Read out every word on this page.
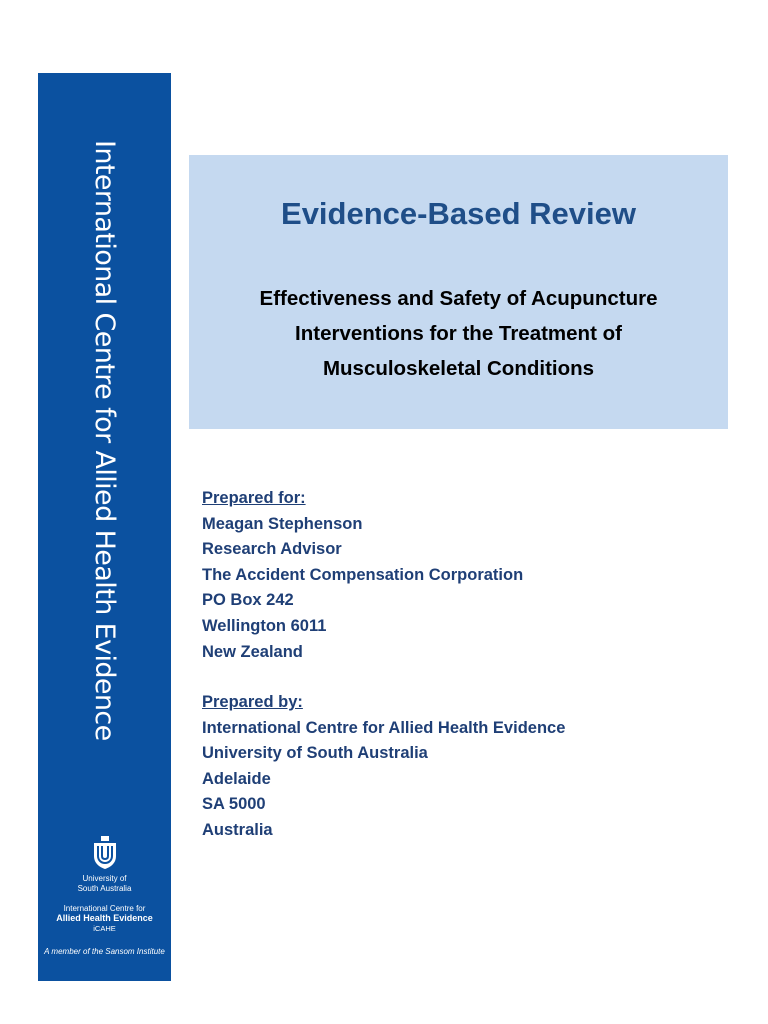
International Centre for Allied Health Evidence
University of
South Australia
International Centre for
Allied Health Evidence
iCAHE
A member of the Sansom Institute
Evidence-Based Review
Effectiveness and Safety of Acupuncture
Interventions for the Treatment of
Musculoskeletal Conditions
Prepared for:
Meagan Stephenson
Research Advisor
The Accident Compensation Corporation
PO Box 242
Wellington 6011
New Zealand
Prepared by:
International Centre for Allied Health Evidence
University of South Australia
Adelaide
SA 5000
Australia
